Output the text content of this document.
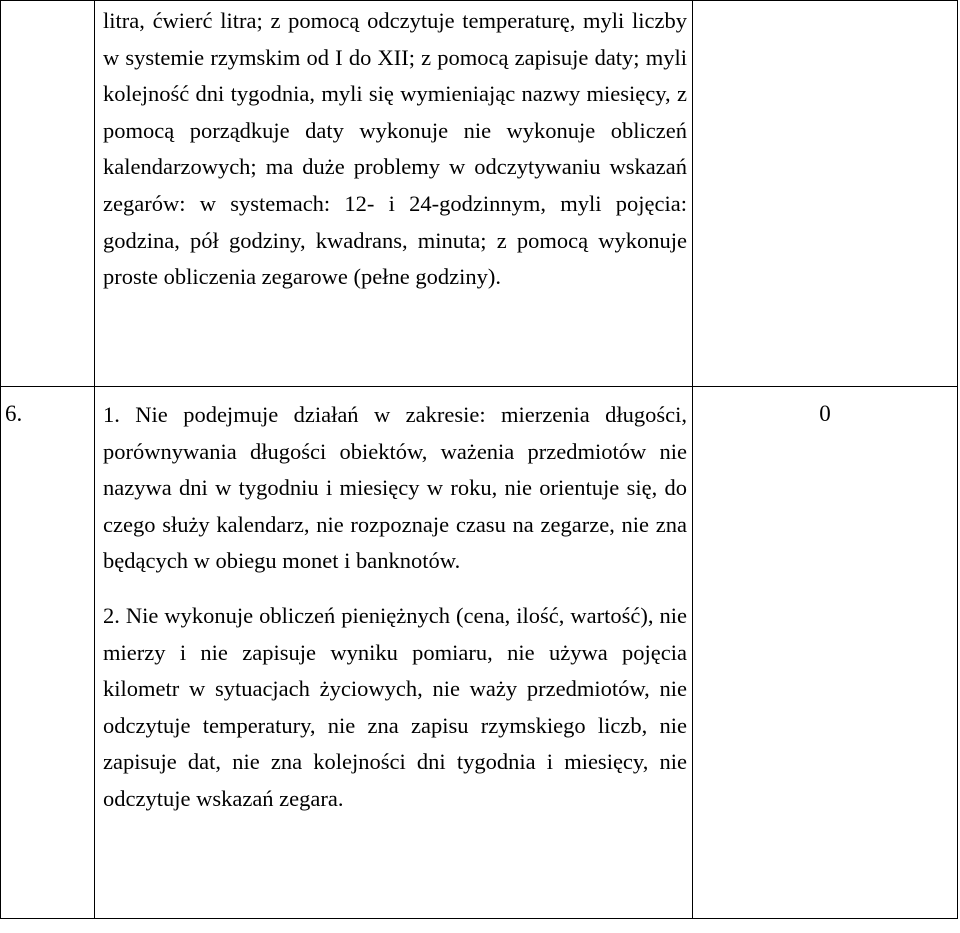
	litra, ćwierć litra; z pomocą odczytuje temperaturę, myli liczby w systemie rzymskim od I do XII; z pomocą zapisuje daty; myli kolejność dni tygodnia, myli się wymieniając nazwy miesięcy, z pomocą porządkuje daty wykonuje nie wykonuje obliczeń kalendarzowych; ma duże problemy w odczytywaniu wskazań zegarów: w systemach: 12- i 24-godzinnym, myli pojęcia: godzina, pół godziny, kwadrans, minuta; z pomocą wykonuje proste obliczenia zegarowe (pełne godziny).	

6.	1. Nie podejmuje działań w zakresie: mierzenia długości, porównywania długości obiektów, ważenia przedmiotów nie nazywa dni w tygodniu i miesięcy w roku, nie orientuje się, do czego służy kalendarz, nie rozpoznaje czasu na zegarze, nie zna będących w obiegu monet i banknotów.

2. Nie wykonuje obliczeń pieniężnych (cena, ilość, wartość), nie mierzy i nie zapisuje wyniku pomiaru, nie używa pojęcia kilometr w sytuacjach życiowych, nie waży przedmiotów, nie odczytuje temperatury, nie zna zapisu rzymskiego liczb, nie zapisuje dat, nie zna kolejności dni tygodnia i miesięcy, nie odczytuje wskazań zegara.	0
